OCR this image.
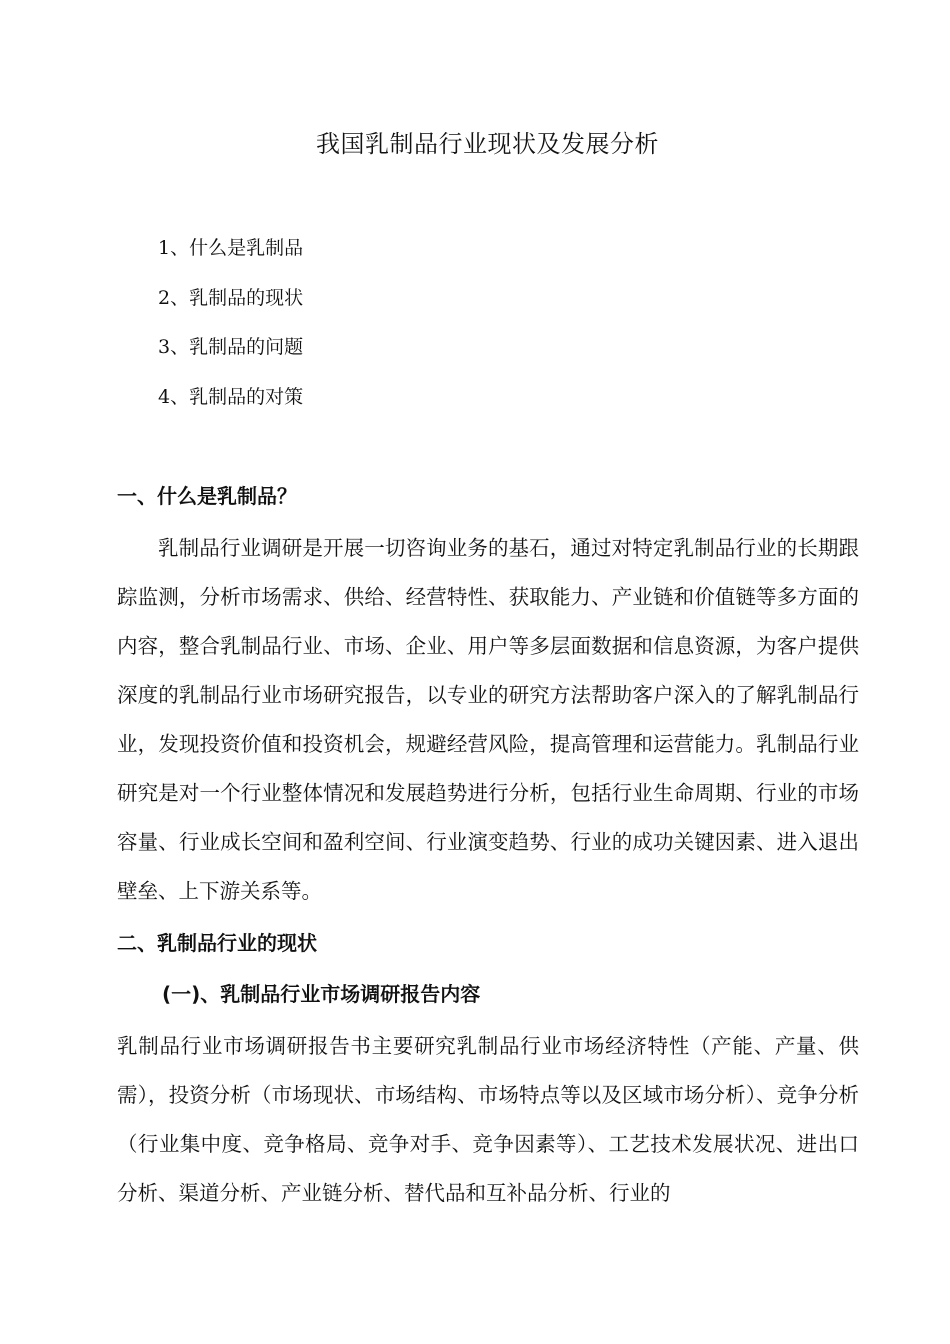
我国乳制品行业现状及发展分析
1、什么是乳制品
2、乳制品的现状
3、乳制品的问题
4、乳制品的对策
一、什么是乳制品？

乳制品行业调研是开展一切咨询业务的基石，通过对特定乳制品行业的长期跟踪监测，分析市场需求、供给、经营特性、获取能力、产业链和价值链等多方面的内容，整合乳制品行业、市场、企业、用户等多层面数据和信息资源，为客户提供深度的乳制品行业市场研究报告，以专业的研究方法帮助客户深入的了解乳制品行业，发现投资价值和投资机会，规避经营风险，提高管理和运营能力。乳制品行业研究是对一个行业整体情况和发展趋势进行分析，包括行业生命周期、行业的市场容量、行业成长空间和盈利空间、行业演变趋势、行业的成功关键因素、进入退出壁垒、上下游关系等。

二、乳制品行业的现状
(一)、乳制品行业市场调研报告内容

乳制品行业市场调研报告书主要研究乳制品行业市场经济特性（产能、产量、供需），投资分析（市场现状、市场结构、市场特点等以及区域市场分析）、竞争分析（行业集中度、竞争格局、竞争对手、竞争因素等）、工艺技术发展状况、进出口分析、渠道分析、产业链分析、替代品和互补品分析、行业的
